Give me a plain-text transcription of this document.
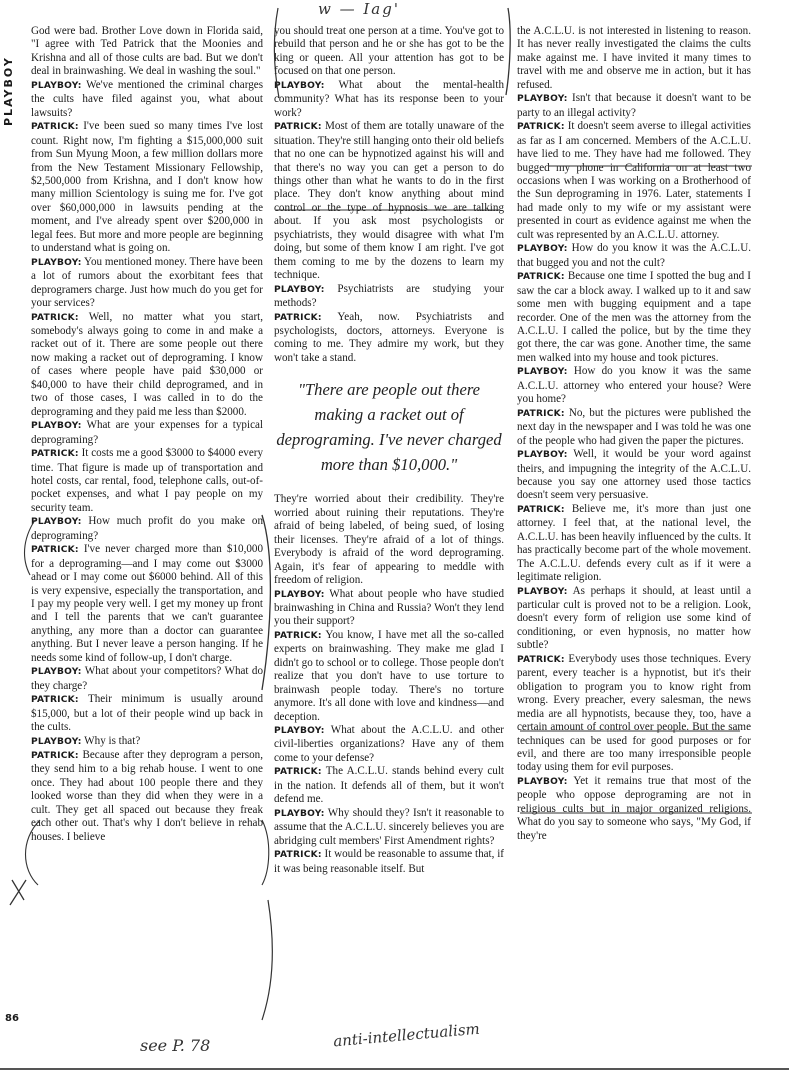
PLAYBOY
w — Iag'

God were bad. Brother Love down in Florida said, "I agree with Ted Patrick that the Moonies and Krishna and all of those cults are bad. But we don't deal in brainwashing. We deal in washing the soul."

PLAYBOY: We've mentioned the criminal charges the cults have filed against you, what about lawsuits?

PATRICK: I've been sued so many times I've lost count. Right now, I'm fighting a $15,000,000 suit from Sun Myung Moon, a few million dollars more from the New Testament Missionary Fellowship, $2,500,000 from Krishna, and I don't know how many million Scientology is suing me for. I've got over $60,000,000 in lawsuits pending at the moment, and I've already spent over $200,000 in legal fees. But more and more people are beginning to understand what is going on.

PLAYBOY: You mentioned money. There have been a lot of rumors about the exorbitant fees that deprogramers charge. Just how much do you get for your services?

PATRICK: Well, no matter what you start, somebody's always going to come in and make a racket out of it. There are some people out there now making a racket out of deprograming. I know of cases where people have paid $30,000 or $40,000 to have their child deprogramed, and in two of those cases, I was called in to do the deprograming and they paid me less than $2000.

PLAYBOY: What are your expenses for a typical deprograming?

PATRICK: It costs me a good $3000 to $4000 every time. That figure is made up of transportation and hotel costs, car rental, food, telephone calls, out-of-pocket expenses, and what I pay people on my security team.

PLAYBOY: How much profit do you make on deprograming?

PATRICK: I've never charged more than $10,000 for a deprograming—and I may come out $3000 ahead or I may come out $6000 behind. All of this is very expensive, especially the transportation, and I pay my people very well. I get my money up front and I tell the parents that we can't guarantee anything, any more than a doctor can guarantee anything. But I never leave a person hanging. If he needs some kind of follow-up, I don't charge.

PLAYBOY: What about your competitors? What do they charge?

PATRICK: Their minimum is usually around $15,000, but a lot of their people wind up back in the cults.

PLAYBOY: Why is that?

PATRICK: Because after they deprogram a person, they send him to a big rehab house. I went to one once. They had about 100 people there and they looked worse than they did when they were in a cult. They get all spaced out because they freak each other out. That's why I don't believe in rehab houses. I believe

you should treat one person at a time. You've got to rebuild that person and he or she has got to be the king or queen. All your attention has got to be focused on that one person.

PLAYBOY: What about the mental-health community? What has its response been to your work?

PATRICK: Most of them are totally unaware of the situation. They're still hanging onto their old beliefs that no one can be hypnotized against his will and that there's no way you can get a person to do things other than what he wants to do in the first place. They don't know anything about mind control or the type of hypnosis we are talking about. If you ask most psychologists or psychiatrists, they would disagree with what I'm doing, but some of them know I am right. I've got them coming to me by the dozens to learn my technique.

PLAYBOY: Psychiatrists are studying your methods?

PATRICK: Yeah, now. Psychiatrists and psychologists, doctors, attorneys. Everyone is coming to me. They admire my work, but they won't take a stand.

"There are people out there making a racket out of deprograming. I've never charged more than $10,000."

They're worried about their credibility. They're worried about ruining their reputations. They're afraid of being labeled, of being sued, of losing their licenses. They're afraid of a lot of things. Everybody is afraid of the word deprograming. Again, it's fear of appearing to meddle with freedom of religion.

PLAYBOY: What about people who have studied brainwashing in China and Russia? Won't they lend you their support?

PATRICK: You know, I have met all the so-called experts on brainwashing. They make me glad I didn't go to school or to college. Those people don't realize that you don't have to use torture to brainwash people today. There's no torture anymore. It's all done with love and kindness—and deception.

PLAYBOY: What about the A.C.L.U. and other civil-liberties organizations? Have any of them come to your defense?

PATRICK: The A.C.L.U. stands behind every cult in the nation. It defends all of them, but it won't defend me.

PLAYBOY: Why should they? Isn't it reasonable to assume that the A.C.L.U. sincerely believes you are abridging cult members' First Amendment rights?

PATRICK: It would be reasonable to assume that, if it was being reasonable itself. But

the A.C.L.U. is not interested in listening to reason. It has never really investigated the claims the cults make against me. I have invited it many times to travel with me and observe me in action, but it has refused.

PLAYBOY: Isn't that because it doesn't want to be party to an illegal activity?

PATRICK: It doesn't seem averse to illegal activities as far as I am concerned. Members of the A.C.L.U. have lied to me. They have had me followed. They bugged my phone in California on at least two occasions when I was working on a Brotherhood of the Sun deprograming in 1976. Later, statements I had made only to my wife or my assistant were presented in court as evidence against me when the cult was represented by an A.C.L.U. attorney.

PLAYBOY: How do you know it was the A.C.L.U. that bugged you and not the cult?

PATRICK: Because one time I spotted the bug and I saw the car a block away. I walked up to it and saw some men with bugging equipment and a tape recorder. One of the men was the attorney from the A.C.L.U. I called the police, but by the time they got there, the car was gone. Another time, the same men walked into my house and took pictures.

PLAYBOY: How do you know it was the same A.C.L.U. attorney who entered your house? Were you home?

PATRICK: No, but the pictures were published the next day in the newspaper and I was told he was one of the people who had given the paper the pictures.

PLAYBOY: Well, it would be your word against theirs, and impugning the integrity of the A.C.L.U. because you say one attorney used those tactics doesn't seem very persuasive.

PATRICK: Believe me, it's more than just one attorney. I feel that, at the national level, the A.C.L.U. has been heavily influenced by the cults. It has practically become part of the whole movement. The A.C.L.U. defends every cult as if it were a legitimate religion.

PLAYBOY: As perhaps it should, at least until a particular cult is proved not to be a religion. Look, doesn't every form of religion use some kind of conditioning, or even hypnosis, no matter how subtle?

PATRICK: Everybody uses those techniques. Every parent, every teacher is a hypnotist, but it's their obligation to program you to know right from wrong. Every preacher, every salesman, the news media are all hypnotists, because they, too, have a certain amount of control over people. But the same techniques can be used for good purposes or for evil, and there are too many irresponsible people today using them for evil purposes.

PLAYBOY: Yet it remains true that most of the people who oppose deprograming are not in religious cults but in major organized religions. What do you say to someone who says, "My God, if they're

86
see P. 78	anti-intellectualism
